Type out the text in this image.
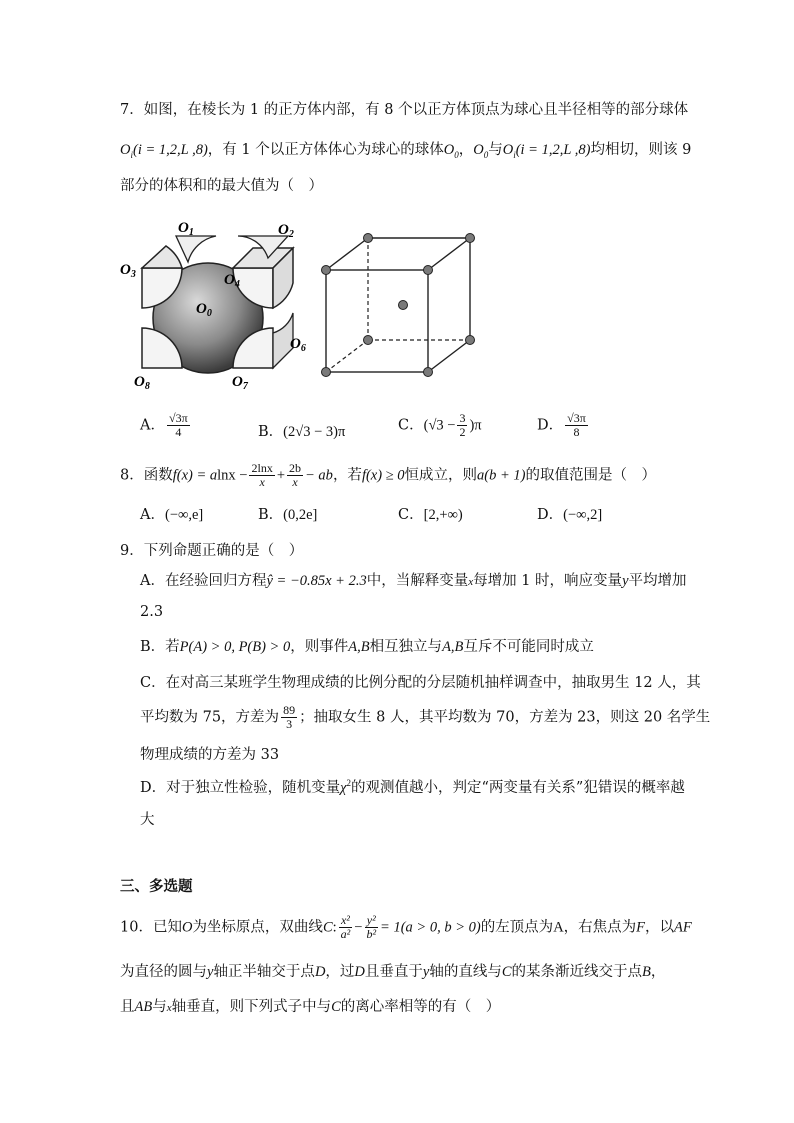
7．如图，在棱长为 1 的正方体内部，有 8 个以正方体顶点为球心且半径相等的部分球体
$O_i(i = 1,2,L$ ,8)，有 1 个以正方体体心为球心的球体$O_0$，$O_0$与$O_i(i = 1,2,L$ ,8)均相切，则该 9
部分的体积和的最大值为（　）
$O_1$	$O_2$
$O_3$	$O_4$
$O_0$
$O_6$
$O_8$	$O_7$
A． $\frac{√3\pi}{4}$	B．(2√3 − 3)π	C．$(√3 - \frac{3}{2} )\pi$	D． $\frac{√3\pi}{8}$
8．函数$f(x) = alnx - \frac{2\ln x}{x} + \frac{2b}{x}$ − ab，若f(x) ≥ 0恒成立，则a(b + 1)的取值范围是（　）
A．(−∞,e]	B．(0,2e]	C．[2,+∞)	D．(−∞,2]
9．下列命题正确的是（　）
A．在经验回归方程ŷ = −0.85x + 2.3中，当解释变量x每增加 1 时，响应变量y平均增加
2.3
B．若P(A) > 0, P(B) > 0，则事件A,B相互独立与A,B互斥不可能同时成立
C．在对高三某班学生物理成绩的比例分配的分层随机抽样调查中，抽取男生 12 人，其
平均数为 75，方差为 $\frac{89}{3}$ ；抽取女生 8 人，其平均数为 70，方差为 23，则这 20 名学生
物理成绩的方差为 33
D．对于独立性检验，随机变量$\chi^2$的观测值越小，判定“两变量有关系”犯错误的概率越
大
三、多选题
10．已知O为坐标原点，双曲线C: $\frac{\text{x²}}{\text{a²}} - \frac{\text{y²}}{\text{b²}} = 1(a > 0$, b > 0)的左顶点为A，右焦点为F，以AF
为直径的圆与y轴正半轴交于点D，过D且垂直于y轴的直线与C的某条渐近线交于点B，
且AB与x轴垂直，则下列式子中与C的离心率相等的有（　）
